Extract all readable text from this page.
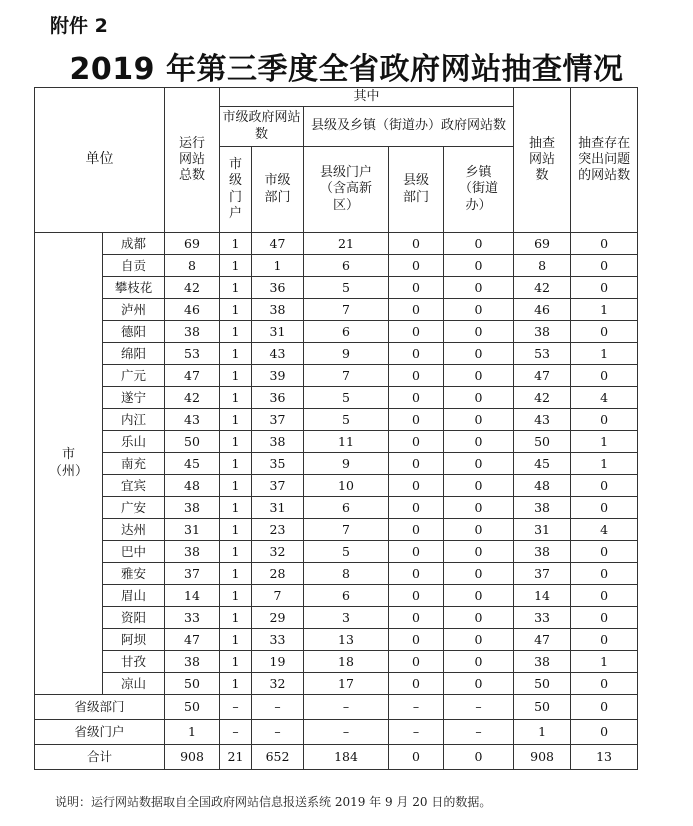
附件 2
2019 年第三季度全省政府网站抽查情况
单位		运行网站总数	其中					抽查网站数	抽查存在突出问题的网站数

			市级政府网站数		县级及乡镇（街道办）政府网站数				

			市级门户	市级部门	县级门户（含高新区）	县级部门	乡镇（街道办）		

市
（州）	成都	69	1	47	21	0	0	69	0
	自贡	8	1	1	6	0	0	8	0
	攀枝花	42	1	36	5	0	0	42	0
	泸州	46	1	38	7	0	0	46	1
	德阳	38	1	31	6	0	0	38	0
	绵阳	53	1	43	9	0	0	53	1
	广元	47	1	39	7	0	0	47	0
	遂宁	42	1	36	5	0	0	42	4
	内江	43	1	37	5	0	0	43	0
	乐山	50	1	38	11	0	0	50	1
	南充	45	1	35	9	0	0	45	1
	宜宾	48	1	37	10	0	0	48	0
	广安	38	1	31	6	0	0	38	0
	达州	31	1	23	7	0	0	31	4
	巴中	38	1	32	5	0	0	38	0
	雅安	37	1	28	8	0	0	37	0
	眉山	14	1	7	6	0	0	14	0
	资阳	33	1	29	3	0	0	33	0
	阿坝	47	1	33	13	0	0	47	0
	甘孜	38	1	19	18	0	0	38	1
	凉山	50	1	32	17	0	0	50	0
省级部门		50	–	–	–	–	–	50	0
省级门户		1	–	–	–	–	–	1	0
合计		908	21	652	184	0	0	908	13
说明：运行网站数据取自全国政府网站信息报送系统 2019 年 9 月 20 日的数据。
